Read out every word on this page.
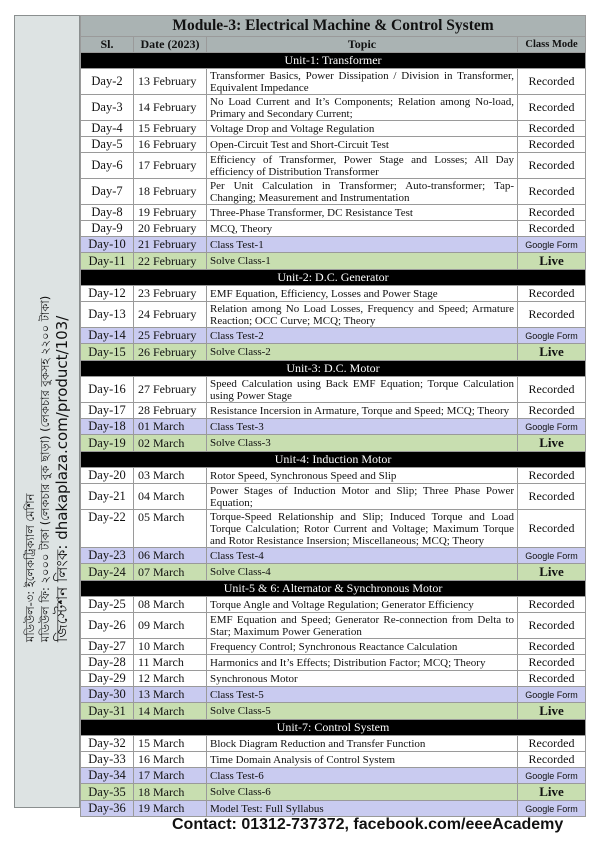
মডিউল-৩: ইলেকট্রিক্যাল মেশিন মডিউল ফি: ২০০০ টাকা (লেকচার বুক ছাড়া) (লেকচার বুকসহ ২২০০ টাকা) জিস্টেশন লিংক: dhakaplaza.com/product/103/
Module-3: Electrical Machine & Control System			
Sl.	Date (2023)	Topic	Class Mode
Unit-1: Transformer			
Day-2	13 February	Transformer Basics, Power Dissipation / Division in Transformer, Equivalent Impedance	Recorded
Day-3	14 February	No Load Current and It’s Components; Relation among No-load, Primary and Secondary Current;	Recorded
Day-4	15 February	Voltage Drop and Voltage Regulation	Recorded
Day-5	16 February	Open-Circuit Test and Short-Circuit Test	Recorded
Day-6	17 February	Efficiency of Transformer, Power Stage and Losses; All Day efficiency of Distribution Transformer	Recorded
Day-7	18 February	Per Unit Calculation in Transformer; Auto-transformer; Tap-Changing; Measurement and Instrumentation	Recorded
Day-8	19 February	Three-Phase Transformer, DC Resistance Test	Recorded
Day-9	20 February	MCQ, Theory	Recorded
Day-10	21 February	Class Test-1	Google Form
Day-11	22 February	Solve Class-1	Live
Unit-2: D.C. Generator			
Day-12	23 February	EMF Equation, Efficiency, Losses and Power Stage	Recorded
Day-13	24 February	Relation among No Load Losses, Frequency and Speed; Armature Reaction; OCC Curve; MCQ; Theory	Recorded
Day-14	25 February	Class Test-2	Google Form
Day-15	26 February	Solve Class-2	Live
Unit-3: D.C. Motor			
Day-16	27 February	Speed Calculation using Back EMF Equation; Torque Calculation using Power Stage	Recorded
Day-17	28 February	Resistance Incersion in Armature, Torque and Speed; MCQ; Theory	Recorded
Day-18	01 March	Class Test-3	Google Form
Day-19	02 March	Solve Class-3	Live
Unit-4: Induction Motor			
Day-20	03 March	Rotor Speed, Synchronous Speed and Slip	Recorded
Day-21	04 March	Power Stages of Induction Motor and Slip; Three Phase Power Equation;	Recorded
Day-22	05 March	Torque-Speed Relationship and Slip; Induced Torque and Load Torque Calculation; Rotor Current and Voltage; Maximum Torque and Rotor Resistance Insersion; Miscellaneous; MCQ; Theory	Recorded
Day-23	06 March	Class Test-4	Google Form
Day-24	07 March	Solve Class-4	Live
Unit-5 & 6: Alternator & Synchronous Motor			
Day-25	08 March	Torque Angle and Voltage Regulation; Generator Efficiency	Recorded
Day-26	09 March	EMF Equation and Speed; Generator Re-connection from Delta to Star; Maximum Power Generation	Recorded
Day-27	10 March	Frequency Control; Synchronous Reactance Calculation	Recorded
Day-28	11 March	Harmonics and It’s Effects; Distribution Factor; MCQ; Theory	Recorded
Day-29	12 March	Synchronous Motor	Recorded
Day-30	13 March	Class Test-5	Google Form
Day-31	14 March	Solve Class-5	Live
Unit-7: Control System			
Day-32	15 March	Block Diagram Reduction and Transfer Function	Recorded
Day-33	16 March	Time Domain Analysis of Control System	Recorded
Day-34	17 March	Class Test-6	Google Form
Day-35	18 March	Solve Class-6	Live
Day-36	19 March	Model Test: Full Syllabus	Google Form
Contact: 01312-737372, facebook.com/eeeAcademy
